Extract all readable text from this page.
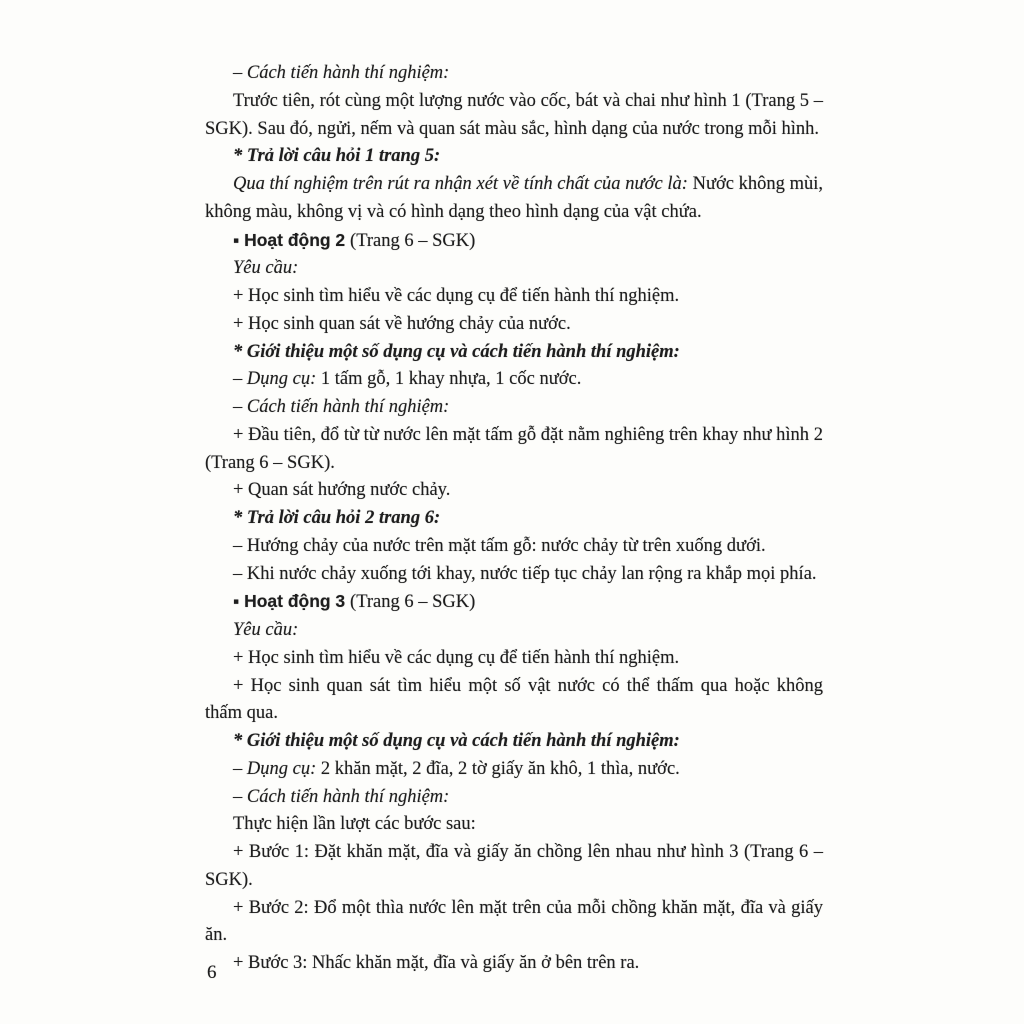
– Cách tiến hành thí nghiệm:

Trước tiên, rót cùng một lượng nước vào cốc, bát và chai như hình 1 (Trang 5 – SGK). Sau đó, ngửi, nếm và quan sát màu sắc, hình dạng của nước trong mỗi hình.

* Trả lời câu hỏi 1 trang 5:

Qua thí nghiệm trên rút ra nhận xét về tính chất của nước là: Nước không mùi, không màu, không vị và có hình dạng theo hình dạng của vật chứa.

▪ Hoạt động 2 (Trang 6 – SGK)

Yêu cầu:

+ Học sinh tìm hiểu về các dụng cụ để tiến hành thí nghiệm.

+ Học sinh quan sát về hướng chảy của nước.

* Giới thiệu một số dụng cụ và cách tiến hành thí nghiệm:

– Dụng cụ: 1 tấm gỗ, 1 khay nhựa, 1 cốc nước.

– Cách tiến hành thí nghiệm:

+ Đầu tiên, đổ từ từ nước lên mặt tấm gỗ đặt nằm nghiêng trên khay như hình 2 (Trang 6 – SGK).

+ Quan sát hướng nước chảy.

* Trả lời câu hỏi 2 trang 6:

– Hướng chảy của nước trên mặt tấm gỗ: nước chảy từ trên xuống dưới.

– Khi nước chảy xuống tới khay, nước tiếp tục chảy lan rộng ra khắp mọi phía.

▪ Hoạt động 3 (Trang 6 – SGK)

Yêu cầu:

+ Học sinh tìm hiểu về các dụng cụ để tiến hành thí nghiệm.

+ Học sinh quan sát tìm hiểu một số vật nước có thể thấm qua hoặc không thấm qua.

* Giới thiệu một số dụng cụ và cách tiến hành thí nghiệm:

– Dụng cụ: 2 khăn mặt, 2 đĩa, 2 tờ giấy ăn khô, 1 thìa, nước.

– Cách tiến hành thí nghiệm:

Thực hiện lần lượt các bước sau:

+ Bước 1: Đặt khăn mặt, đĩa và giấy ăn chồng lên nhau như hình 3 (Trang 6 – SGK).

+ Bước 2: Đổ một thìa nước lên mặt trên của mỗi chồng khăn mặt, đĩa và giấy ăn.

+ Bước 3: Nhấc khăn mặt, đĩa và giấy ăn ở bên trên ra.

6
